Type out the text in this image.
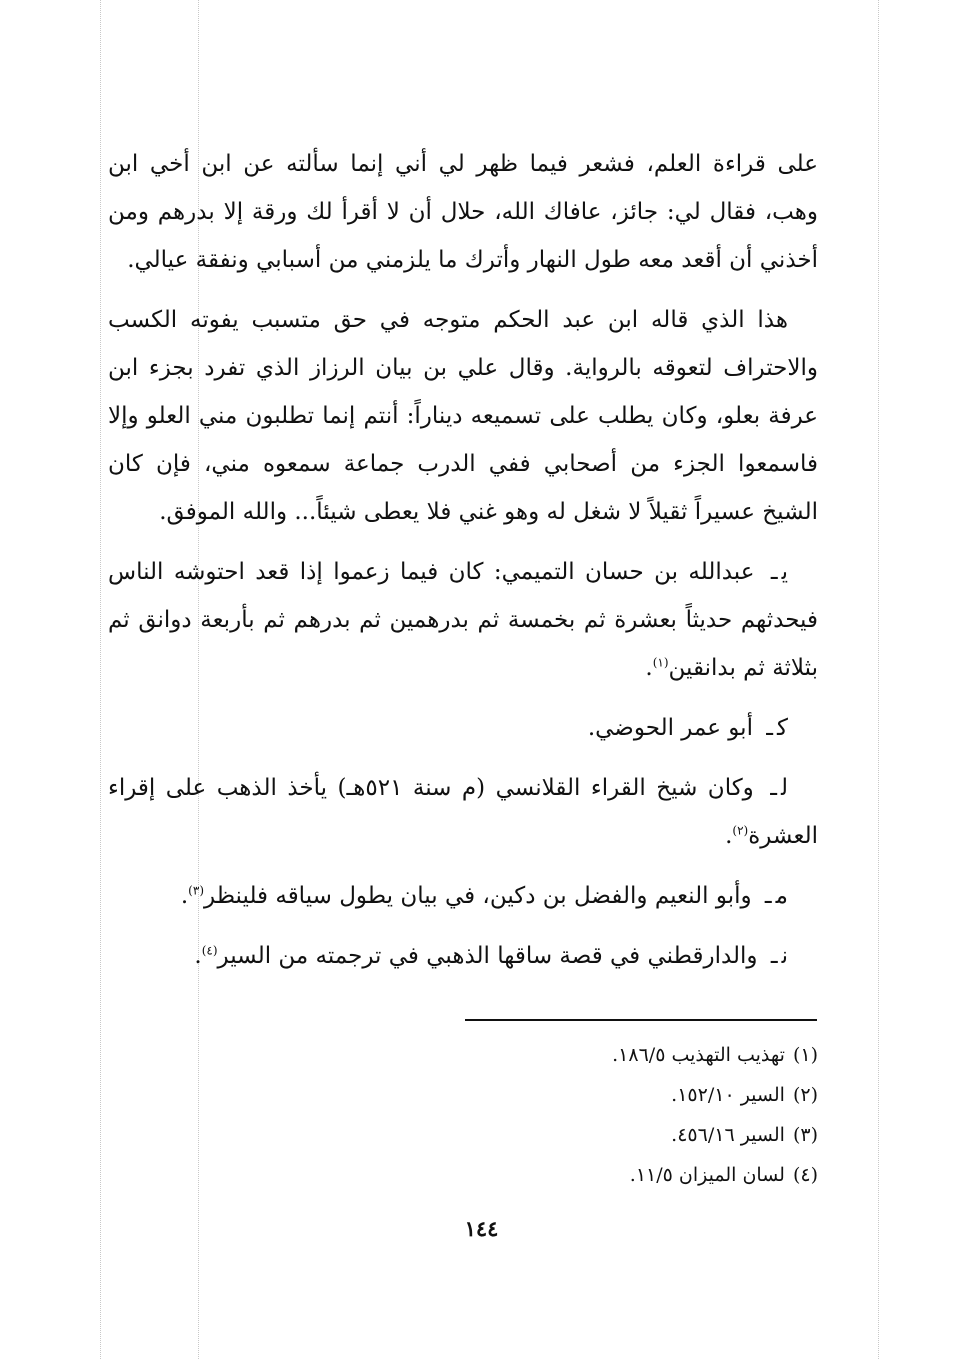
على قراءة العلم، فشعر فيما ظهر لي أني إنما سألته عن ابن أخي ابن وهب، فقال لي: جائز، عافاك الله، حلال أن لا أقرأ لك ورقة إلا بدرهم ومن أخذني أن أقعد معه طول النهار وأترك ما يلزمني من أسبابي ونفقة عيالي.

هذا الذي قاله ابن عبد الحكم متوجه في حق متسبب يفوته الكسب والاحتراف لتعوقه بالرواية. وقال علي بن بيان الرزاز الذي تفرد بجزء ابن عرفة بعلو، وكان يطلب على تسميعه ديناراً: أنتم إنما تطلبون مني العلو وإلا فاسمعوا الجزء من أصحابي ففي الدرب جماعة سمعوه مني، فإن كان الشيخ عسيراً ثقيلاً لا شغل له وهو غني فلا يعطى شيئاً... والله الموفق.

يـ عبدالله بن حسان التميمي: كان فيما زعموا إذا قعد احتوشه الناس فيحدثهم حديثاً بعشرة ثم بخمسة ثم بدرهمين ثم بدرهم ثم بأربعة دوانق ثم بثلاثة ثم بدانقين$^{(١)}$.

كـ أبو عمر الحوضي.

لـ وكان شيخ القراء القلانسي (م سنة ٥٢١هـ) يأخذ الذهب على إقراء العشرة$^{(٢)}$.

مـ وأبو النعيم والفضل بن دكين، في بيان يطول سياقه فلينظر$^{(٣)}$.

نـ والدارقطني في قصة ساقها الذهبي في ترجمته من السير$^{(٤)}$.

(١)تهذيب التهذيب ١٨٦/٥.
(٢)السير ١٥٢/١٠.
(٣)السير ٤٥٦/١٦.
(٤)لسان الميزان ١١/٥.
١٤٤
